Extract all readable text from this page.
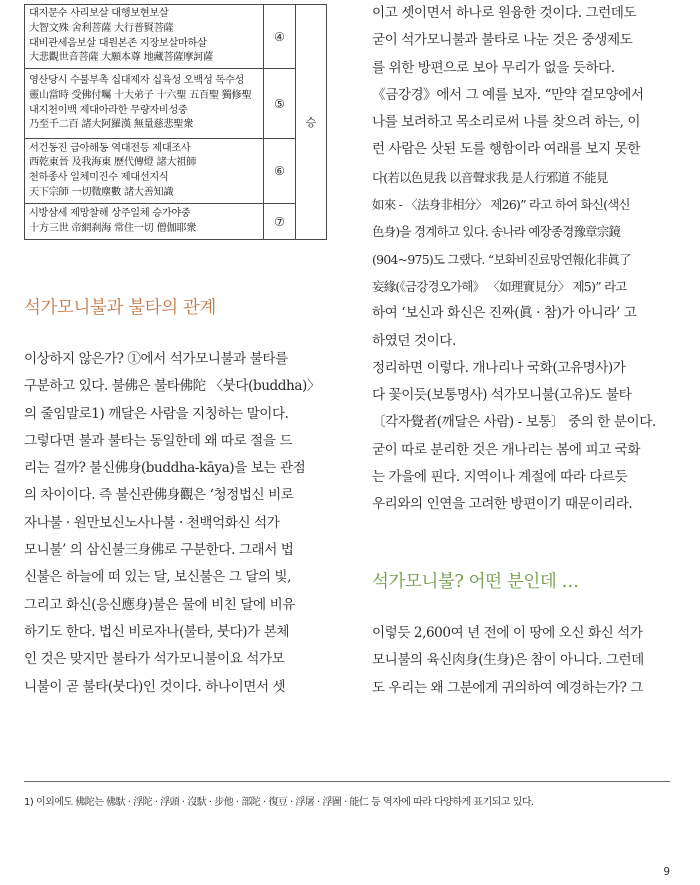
대지문수 사리보살 대행보현보살
大智文殊 舍利菩薩 大行普賢菩薩
대비관세음보살 대원본존 지장보살마하살
大悲觀世音菩薩 大願本尊 地藏菩薩摩訶薩	④	승

영산당시 수불부촉 십대제자 십육성 오백성 독수성
靈山當時 受佛付囑 十大弟子 十六聖 五百聖 獨修聖
내지천이백 제대아라한 무량자비성중
乃至千二百 諸大阿羅漢 無量慈悲聖衆	⑤	

서건동진 급아해동 역대전등 제대조사
西乾東晉 及我海東 歷代傳燈 諸大祖師
천하종사 일체미진수 제대선지식
天下宗師 一切微塵數 諸大善知識	⑥	

시방삼세 제망찰해 상주일체 승가야중
十方三世 帝網刹海 常住一切 僧伽耶衆	⑦	
석가모니불과 불타의 관계

이상하지 않은가? ①에서 석가모니불과 불타를

구분하고 있다. 불佛은 불타佛陀 〈붓다(buddha)〉

의 줄임말로1) 깨달은 사람을 지칭하는 말이다.

그렇다면 불과 불타는 동일한데 왜 따로 절을 드

리는 걸까? 불신佛身(buddha-kāya)을 보는 관점

의 차이이다. 즉 불신관佛身觀은 ‘청정법신 비로

자나불 · 원만보신노사나불 · 천백억화신 석가

모니불’ 의 삼신불三身佛로 구분한다. 그래서 법

신불은 하늘에 떠 있는 달, 보신불은 그 달의 빛,

그리고 화신(응신應身)불은 물에 비친 달에 비유

하기도 한다. 법신 비로자나(불타, 붓다)가 본체

인 것은 맞지만 불타가 석가모니불이요 석가모

니불이 곧 불타(붓다)인 것이다. 하나이면서 셋

이고 셋이면서 하나로 원융한 것이다. 그런데도

굳이 석가모니불과 불타로 나눈 것은 중생제도

를 위한 방편으로 보아 무리가 없을 듯하다.

《금강경》에서 그 예를 보자. “만약 겉모양에서

나를 보려하고 목소리로써 나를 찾으려 하는, 이

런 사람은 삿된 도를 행함이라 여래를 보지 못한

다(若以色見我 以音聲求我 是人行邪道 不能見

如來 - 〈法身非相分〉 제26)” 라고 하여 화신(색신

色身)을 경계하고 있다. 송나라 예장종경豫章宗鏡

(904~975)도 그랬다. “보화비진료망연報化非眞了

妄緣(《금강경오가해》 〈如理實見分〉 제5)” 라고

하여 ‘보신과 화신은 진짜(眞 · 참)가 아니라’ 고

하였던 것이다.

정리하면 이렇다. 개나리나 국화(고유명사)가

다 꽃이듯(보통명사) 석가모니불(고유)도 불타

〔각자覺者(깨달은 사람) - 보통〕 중의 한 분이다.

굳이 따로 분리한 것은 개나리는 봄에 피고 국화

는 가을에 핀다. 지역이나 계절에 따라 다르듯

우리와의 인연을 고려한 방편이기 때문이리라.

석가모니불? 어떤 분인데 …

이렇듯 2,600여 년 전에 이 땅에 오신 화신 석가

모니불의 육신肉身(生身)은 참이 아니다. 그런데

도 우리는 왜 그분에게 귀의하여 예경하는가? 그

1) 이외에도 佛陀는 佛馱 · 浮陀 · 浮頭 · 沒馱 · 步他 · 部陀 · 復豆 · 浮屠 · 浮圖 · 能仁 등 역자에 따라 다양하게 표기되고 있다.
9
